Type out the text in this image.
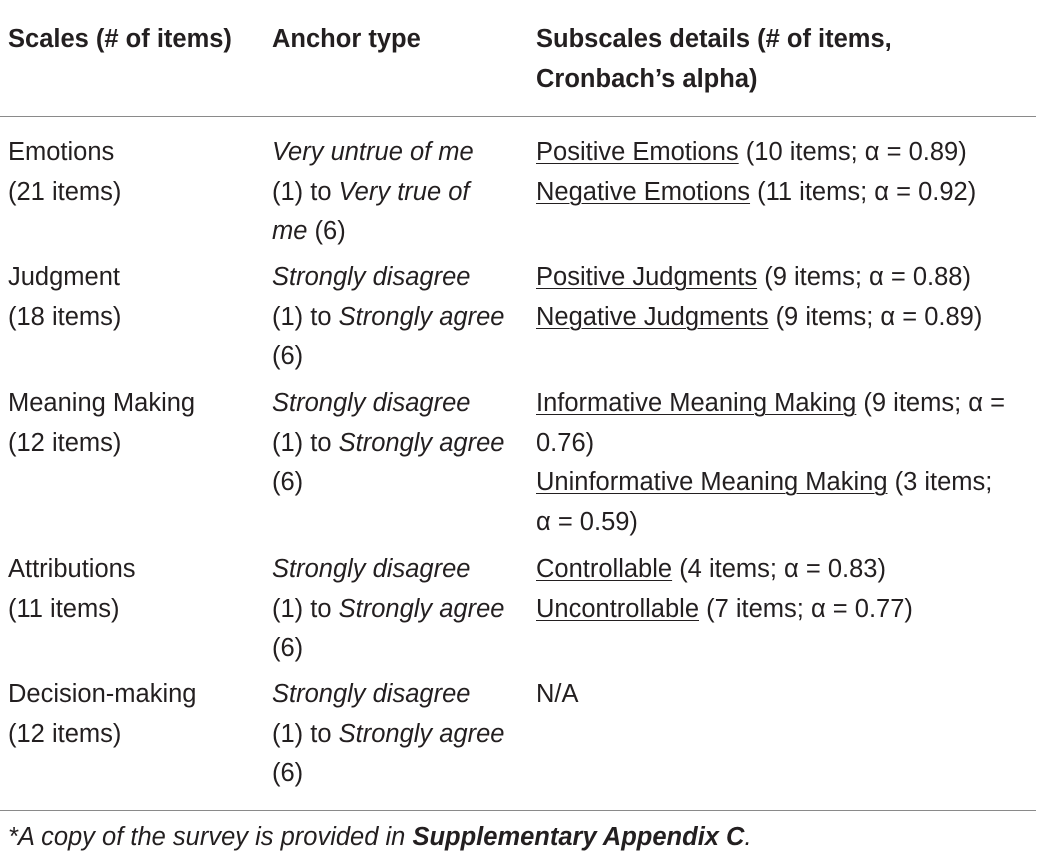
Scales (# of items)	Anchor type	Subscales details (# of items, Cronbach’s alpha)
Emotions
(21 items)
Very untrue of me (1) to Very true of me (6)
Positive Emotions (10 items; α = 0.89)
Negative Emotions (11 items; α = 0.92)
Judgment
(18 items)
Strongly disagree (1) to Strongly agree (6)
Positive Judgments (9 items; α = 0.88)
Negative Judgments (9 items; α = 0.89)
Meaning Making
(12 items)
Strongly disagree (1) to Strongly agree (6)
Informative Meaning Making (9 items; α = 0.76)
Uninformative Meaning Making (3 items; α = 0.59)
Attributions
(11 items)
Strongly disagree (1) to Strongly agree (6)
Controllable (4 items; α = 0.83)
Uncontrollable (7 items; α = 0.77)
Decision-making
(12 items)
Strongly disagree (1) to Strongly agree (6)
N/A
*A copy of the survey is provided in Supplementary Appendix C.
